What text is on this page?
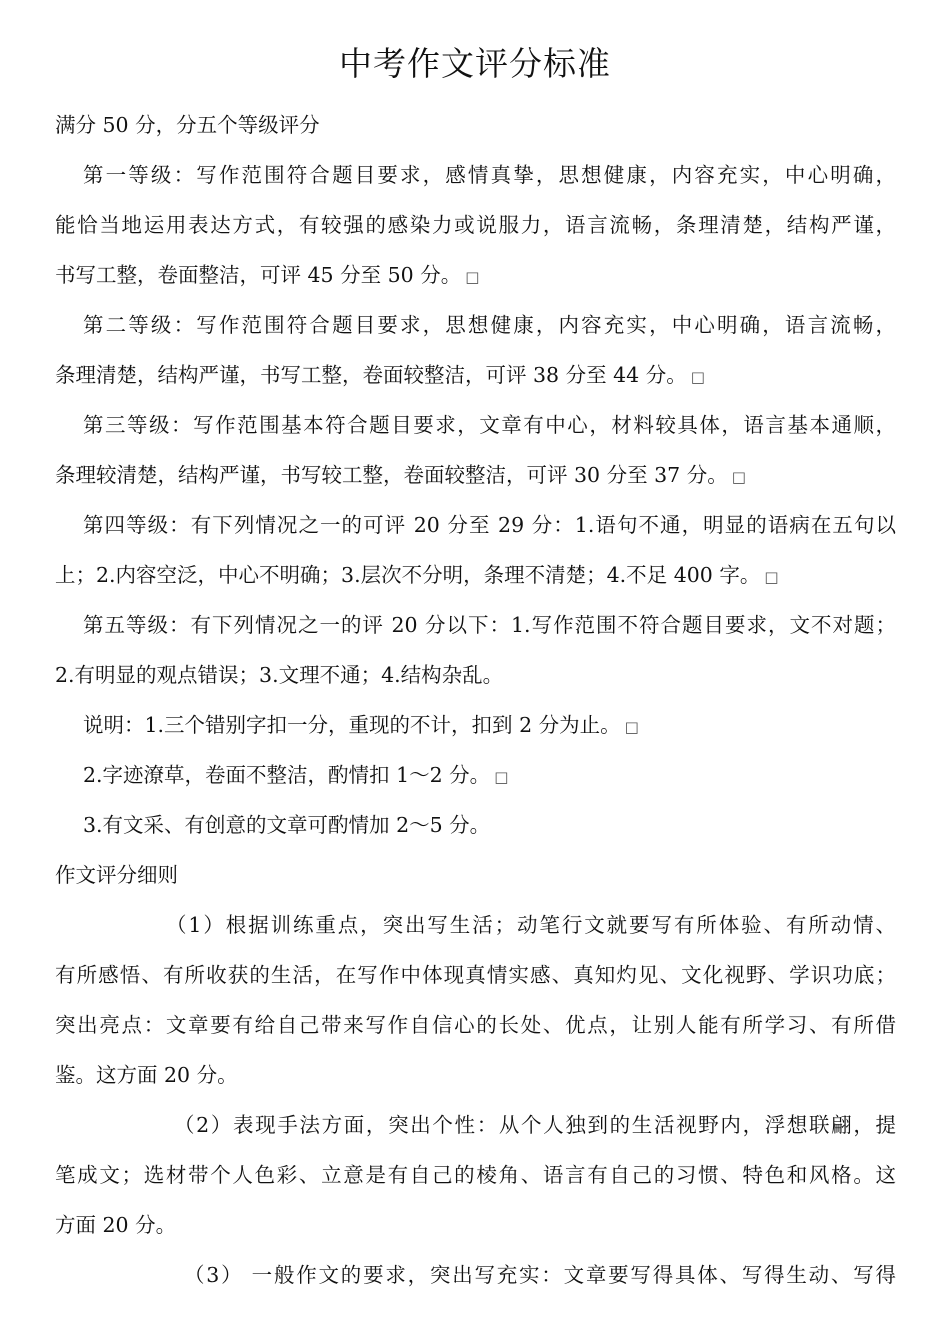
中考作文评分标准

满分 50 分，分五个等级评分

第一等级：写作范围符合题目要求，感情真挚，思想健康，内容充实，中心明确，

能恰当地运用表达方式，有较强的感染力或说服力，语言流畅，条理清楚，结构严谨，

书写工整，卷面整洁，可评 45 分至 50 分。 □

第二等级：写作范围符合题目要求，思想健康，内容充实，中心明确，语言流畅，

条理清楚，结构严谨，书写工整，卷面较整洁，可评 38 分至 44 分。 □

第三等级：写作范围基本符合题目要求，文章有中心，材料较具体，语言基本通顺，

条理较清楚，结构严谨，书写较工整，卷面较整洁，可评 30 分至 37 分。 □

第四等级：有下列情况之一的可评 20 分至 29 分：1.语句不通，明显的语病在五句以

上；2.内容空泛，中心不明确；3.层次不分明，条理不清楚；4.不足 400 字。 □

第五等级：有下列情况之一的评 20 分以下：1.写作范围不符合题目要求，文不对题；

2.有明显的观点错误；3.文理不通；4.结构杂乱。

说明：1.三个错别字扣一分，重现的不计，扣到 2 分为止。 □

2.字迹潦草，卷面不整洁，酌情扣 1～2 分。 □

3.有文采、有创意的文章可酌情加 2～5 分。

作文评分细则

（1）根据训练重点，突出写生活；动笔行文就要写有所体验、有所动情、

有所感悟、有所收获的生活，在写作中体现真情实感、真知灼见、文化视野、学识功底；

突出亮点：文章要有给自己带来写作自信心的长处、优点，让别人能有所学习、有所借

鉴。这方面 20 分。

（2）表现手法方面，突出个性：从个人独到的生活视野内，浮想联翩，提

笔成文；选材带个人色彩、立意是有自己的棱角、语言有自己的习惯、特色和风格。这

方面 20 分。

（3） 一般作文的要求，突出写充实：文章要写得具体、写得生动、写得
